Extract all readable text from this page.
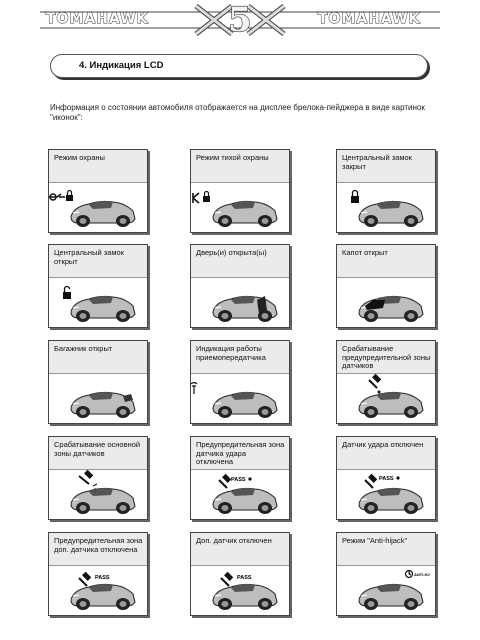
TOMAHAWK 5	TOMAHAWK
4. Индикация LCD
Информация о состоянии автомобиля отображается на дисплее брелока-пейджера в виде картинок "иконок":
Режим охраны	Режим тихой охраны	Центральный замок закрыт
Центральный замок открыт
Дверь(и) открыта(ы)	Капот открыт
Багажник открыт	Индикация работы приемопередатчика
Срабатывание предупредительной зоны датчиков
Срабатывание основной зоны датчиков
Предупредительная зона датчика удара отключена
PASS
Датчик удара отключен
PASS
Предупредительная зона доп. датчика отключена
PASS
Доп. датчик отключен
PASS
Режим "Anti-hijack"
ANTI-HJ
